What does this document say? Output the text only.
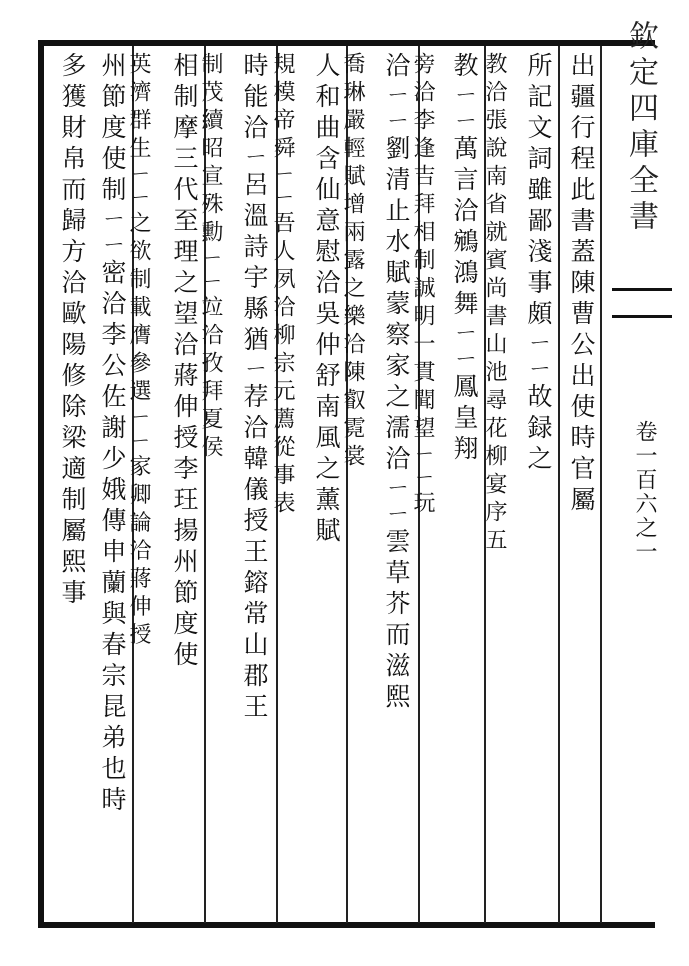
欽定四庫全書
卷一百六之一
出疆行程此書蓋陳曹公出使時官屬
所記文詞雖鄙淺事頗ㄧㄧ故録之
教洽張說南省就賓尚書山池尋花柳宴序五
教ㄧㄧ萬言洽鵷鴻舞ㄧㄧ鳳皇翔
旁洽李逢吉拜相制誠明一貫聞望ㄧㄧ玩
洽ㄧㄧ劉清止水賦蒙察家之濡洽ㄧㄧ雲草芥而滋熙
喬琳嚴輕賦增兩露之樂洽陳叡霓裳
人和曲含仙意慰洽吳仲舒南風之薰賦
規模帝舜ㄧㄧ吾人夙洽柳宗元薦從事表
時能洽ㄧ呂溫詩宇縣猶ㄧ荐洽韓儀授王鎔常山郡王
制茂續昭宣殊勳ㄧㄧ竝洽孜拜夏侯
相制摩三代至理之望洽蔣伸授李玨揚州節度使
英濟群生ㄧㄧ之欲制載膺參選ㄧㄧ家卿論洽蔣伸授
州節度使制ㄧㄧ密洽李公佐謝少娥傳申蘭與春宗昆弟也時
多獲財帛而歸方洽歐陽修除梁適制屬熙事
